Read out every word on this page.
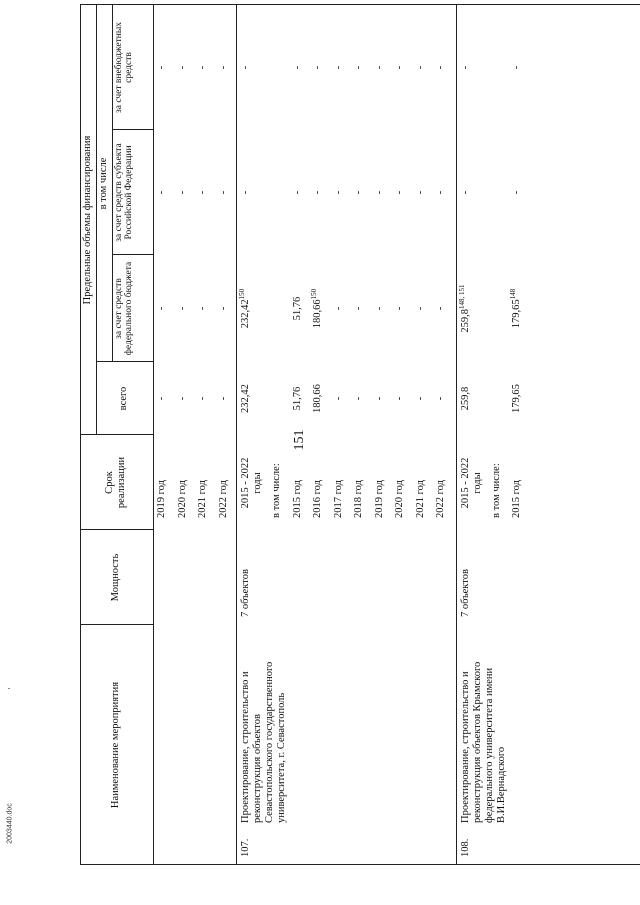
Наименование мероприятия
Мощность
Срок реализации
Предельные объемы финансирования
всего
в том числе
за счет средств федерального бюджета
за счет средств субъекта Российской Федерации
за счет внебюджетных средств
2019 год
-
-
-
-
2020 год
-
-
-
-
2021 год
-
-
-
-
2022 год
-
-
-
-
107.
Проектирование, строительство и реконструкция объектов Севастопольского государственного университета, г. Севастополь
7 объектов
2015 - 2022 годы
232,42
232,42$^{150}$
-
-
в том числе: 2015 год
51,76
51,76
-
-
2016 год
180,66
180,66$^{150}$
-
-
2017 год
-
-
-
-
2018 год
-
-
-
-
2019 год
-
-
-
-
2020 год
-
-
-
-
2021 год
-
-
-
-
2022 год
-
-
-
-
108.
Проектирование, строительство и реконструкция объектов Крымского федерального университета имени В.И.Вернадского
7 объектов
2015 - 2022 годы
259,8
259,8$^{148, 151}$
-
-
в том числе: 2015 год
179,65
179,65$^{148}$
-
-
151
2003440.doc
